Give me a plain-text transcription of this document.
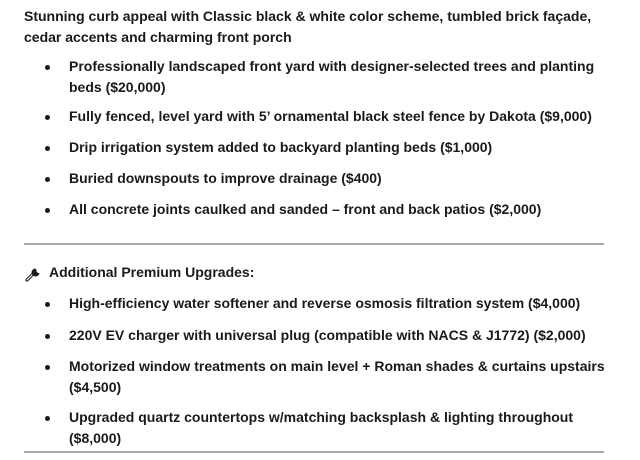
Stunning curb appeal with Classic black & white color scheme, tumbled brick façade, cedar accents and charming front porch
Professionally landscaped front yard with designer-selected trees and planting beds ($20,000)
Fully fenced, level yard with 5’ ornamental black steel fence by Dakota ($9,000)
Drip irrigation system added to backyard planting beds ($1,000)
Buried downspouts to improve drainage ($400)
All concrete joints caulked and sanded – front and back patios ($2,000)
Additional Premium Upgrades:
High-efficiency water softener and reverse osmosis filtration system ($4,000)
220V EV charger with universal plug (compatible with NACS & J1772) ($2,000)
Motorized window treatments on main level + Roman shades & curtains upstairs ($4,500)
Upgraded quartz countertops w/matching backsplash & lighting throughout ($8,000)
